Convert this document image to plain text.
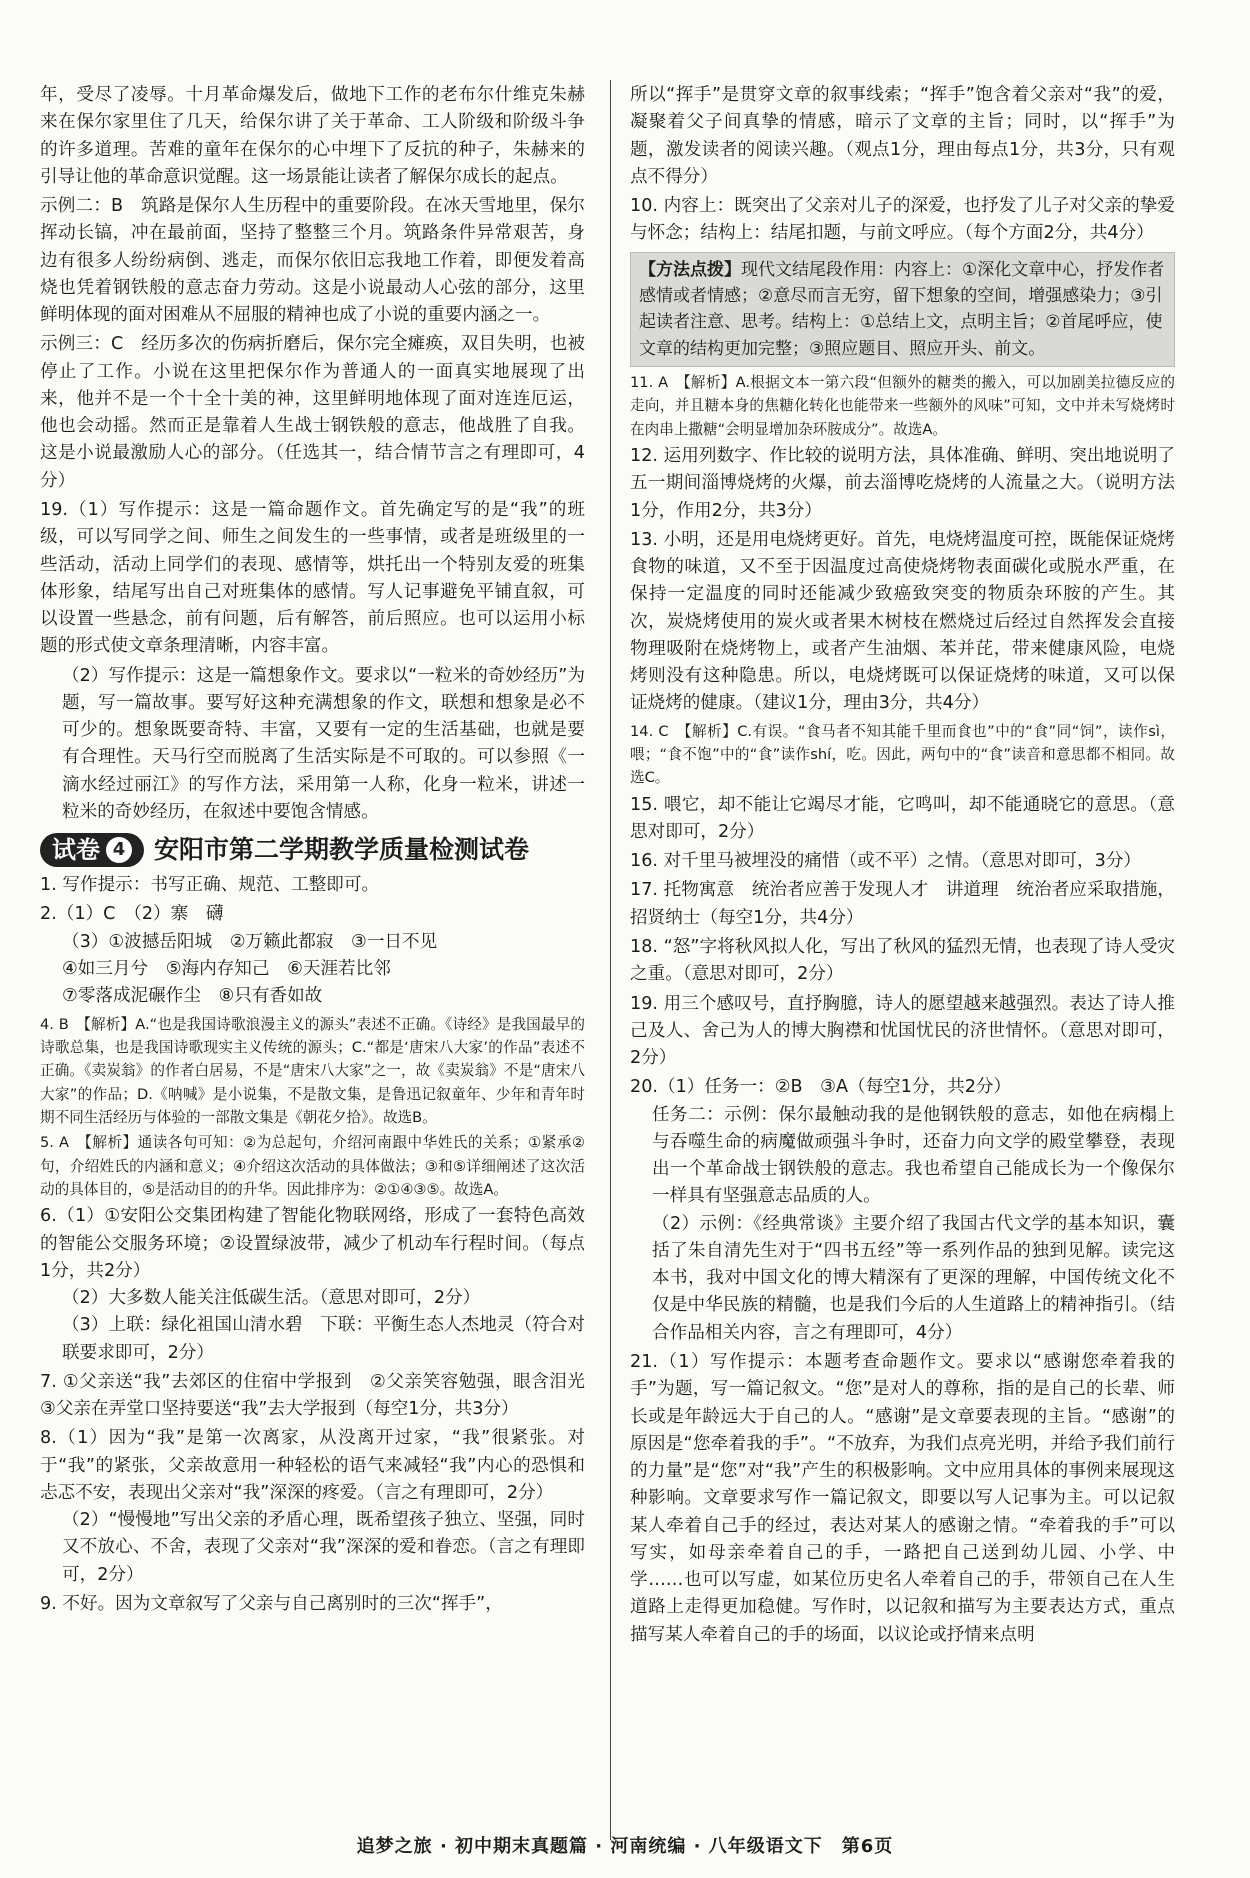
年，受尽了凌辱。十月革命爆发后，做地下工作的老布尔什维克朱赫来在保尔家里住了几天，给保尔讲了关于革命、工人阶级和阶级斗争的许多道理。苦难的童年在保尔的心中埋下了反抗的种子，朱赫来的引导让他的革命意识觉醒。这一场景能让读者了解保尔成长的起点。

示例二：B　筑路是保尔人生历程中的重要阶段。在冰天雪地里，保尔挥动长镐，冲在最前面，坚持了整整三个月。筑路条件异常艰苦，身边有很多人纷纷病倒、逃走，而保尔依旧忘我地工作着，即便发着高烧也凭着钢铁般的意志奋力劳动。这是小说最动人心弦的部分，这里鲜明体现的面对困难从不屈服的精神也成了小说的重要内涵之一。

示例三：C　经历多次的伤病折磨后，保尔完全瘫痪，双目失明，也被停止了工作。小说在这里把保尔作为普通人的一面真实地展现了出来，他并不是一个十全十美的神，这里鲜明地体现了面对连连厄运，他也会动摇。然而正是靠着人生战士钢铁般的意志，他战胜了自我。这是小说最激励人心的部分。（任选其一，结合情节言之有理即可，4分）

19.（1）写作提示：这是一篇命题作文。首先确定写的是“我”的班级，可以写同学之间、师生之间发生的一些事情，或者是班级里的一些活动，活动上同学们的表现、感情等，烘托出一个特别友爱的班集体形象，结尾写出自己对班集体的感情。写人记事避免平铺直叙，可以设置一些悬念，前有问题，后有解答，前后照应。也可以运用小标题的形式使文章条理清晰，内容丰富。

（2）写作提示：这是一篇想象作文。要求以“一粒米的奇妙经历”为题，写一篇故事。要写好这种充满想象的作文，联想和想象是必不可少的。想象既要奇特、丰富，又要有一定的生活基础，也就是要有合理性。天马行空而脱离了生活实际是不可取的。可以参照《一滴水经过丽江》的写作方法，采用第一人称，化身一粒米，讲述一粒米的奇妙经历，在叙述中要饱含情感。

试卷 4 安阳市第二学期教学质量检测试卷

1. 写作提示：书写正确、规范、工整即可。

2.（1）C　（2）寨　礴

（3）①波撼岳阳城　②万籁此都寂　③一日不见

④如三月兮　⑤海内存知己　⑥天涯若比邻

⑦零落成泥碾作尘　⑧只有香如故

4. B　【解析】A.“也是我国诗歌浪漫主义的源头”表述不正确。《诗经》是我国最早的诗歌总集，也是我国诗歌现实主义传统的源头；C.“都是‘唐宋八大家’的作品”表述不正确。《卖炭翁》的作者白居易，不是“唐宋八大家”之一，故《卖炭翁》不是“唐宋八大家”的作品；D.《呐喊》是小说集，不是散文集，是鲁迅记叙童年、少年和青年时期不同生活经历与体验的一部散文集是《朝花夕拾》。故选B。

5. A　【解析】通读各句可知：②为总起句，介绍河南跟中华姓氏的关系；①紧承②句，介绍姓氏的内涵和意义；④介绍这次活动的具体做法；③和⑤详细阐述了这次活动的具体目的，⑤是活动目的的升华。因此排序为：②①④③⑤。故选A。

6.（1）①安阳公交集团构建了智能化物联网络，形成了一套特色高效的智能公交服务环境；②设置绿波带，减少了机动车行程时间。（每点1分，共2分）

（2）大多数人能关注低碳生活。（意思对即可，2分）

（3）上联：绿化祖国山清水碧　下联：平衡生态人杰地灵（符合对联要求即可，2分）

7. ①父亲送“我”去郊区的住宿中学报到　②父亲笑容勉强，眼含泪光　③父亲在弄堂口坚持要送“我”去大学报到（每空1分，共3分）

8.（1）因为“我”是第一次离家，从没离开过家，“我”很紧张。对于“我”的紧张，父亲故意用一种轻松的语气来减轻“我”内心的恐惧和忐忑不安，表现出父亲对“我”深深的疼爱。（言之有理即可，2分）

（2）“慢慢地”写出父亲的矛盾心理，既希望孩子独立、坚强，同时又不放心、不舍，表现了父亲对“我”深深的爱和眷恋。（言之有理即可，2分）

9. 不好。因为文章叙写了父亲与自己离别时的三次“挥手”，

所以“挥手”是贯穿文章的叙事线索；“挥手”饱含着父亲对“我”的爱，凝聚着父子间真挚的情感，暗示了文章的主旨；同时，以“挥手”为题，激发读者的阅读兴趣。（观点1分，理由每点1分，共3分，只有观点不得分）

10. 内容上：既突出了父亲对儿子的深爱，也抒发了儿子对父亲的挚爱与怀念；结构上：结尾扣题，与前文呼应。（每个方面2分，共4分）

【方法点拨】现代文结尾段作用：内容上：①深化文章中心，抒发作者感情或者情感；②意尽而言无穷，留下想象的空间，增强感染力；③引起读者注意、思考。结构上：①总结上文，点明主旨；②首尾呼应，使文章的结构更加完整；③照应题目、照应开头、前文。

11. A　【解析】A.根据文本一第六段“但额外的糖类的搬入，可以加剧美拉德反应的走向，并且糖本身的焦糖化转化也能带来一些额外的风味”可知，文中并未写烧烤时在肉串上撒糖“会明显增加杂环胺成分”。故选A。

12. 运用列数字、作比较的说明方法，具体准确、鲜明、突出地说明了五一期间淄博烧烤的火爆，前去淄博吃烧烤的人流量之大。（说明方法1分，作用2分，共3分）

13. 小明，还是用电烧烤更好。首先，电烧烤温度可控，既能保证烧烤食物的味道，又不至于因温度过高使烧烤物表面碳化或脱水严重，在保持一定温度的同时还能减少致癌致突变的物质杂环胺的产生。其次，炭烧烤使用的炭火或者果木树枝在燃烧过后经过自然挥发会直接物理吸附在烧烤物上，或者产生油烟、苯并芘，带来健康风险，电烧烤则没有这种隐患。所以，电烧烤既可以保证烧烤的味道，又可以保证烧烤的健康。（建议1分，理由3分，共4分）

14. C　【解析】C.有误。“食马者不知其能千里而食也”中的“食”同“饲”，读作sì，喂；“食不饱”中的“食”读作shí，吃。因此，两句中的“食”读音和意思都不相同。故选C。

15. 喂它，却不能让它竭尽才能，它鸣叫，却不能通晓它的意思。（意思对即可，2分）

16. 对千里马被埋没的痛惜（或不平）之情。（意思对即可，3分）

17. 托物寓意　统治者应善于发现人才　讲道理　统治者应采取措施，招贤纳士（每空1分，共4分）

18. “怒”字将秋风拟人化，写出了秋风的猛烈无情，也表现了诗人受灾之重。（意思对即可，2分）

19. 用三个感叹号，直抒胸臆，诗人的愿望越来越强烈。表达了诗人推己及人、舍己为人的博大胸襟和忧国忧民的济世情怀。（意思对即可，2分）

20.（1）任务一：②B　③A（每空1分，共2分）

任务二：示例：保尔最触动我的是他钢铁般的意志，如他在病榻上与吞噬生命的病魔做顽强斗争时，还奋力向文学的殿堂攀登，表现出一个革命战士钢铁般的意志。我也希望自己能成长为一个像保尔一样具有坚强意志品质的人。

（2）示例：《经典常谈》主要介绍了我国古代文学的基本知识，囊括了朱自清先生对于“四书五经”等一系列作品的独到见解。读完这本书，我对中国文化的博大精深有了更深的理解，中国传统文化不仅是中华民族的精髓，也是我们今后的人生道路上的精神指引。（结合作品相关内容，言之有理即可，4分）

21.（1）写作提示：本题考查命题作文。要求以“感谢您牵着我的手”为题，写一篇记叙文。“您”是对人的尊称，指的是自己的长辈、师长或是年龄远大于自己的人。“感谢”是文章要表现的主旨。“感谢”的原因是“您牵着我的手”。“不放弃，为我们点亮光明，并给予我们前行的力量”是“您”对“我”产生的积极影响。文中应用具体的事例来展现这种影响。文章要求写作一篇记叙文，即要以写人记事为主。可以记叙某人牵着自己手的经过，表达对某人的感谢之情。“牵着我的手”可以写实，如母亲牵着自己的手，一路把自己送到幼儿园、小学、中学……也可以写虚，如某位历史名人牵着自己的手，带领自己在人生道路上走得更加稳健。写作时，以记叙和描写为主要表达方式，重点描写某人牵着自己的手的场面，以议论或抒情来点明

追梦之旅 · 初中期末真题篇 · 河南统编 · 八年级语文下　第6页
